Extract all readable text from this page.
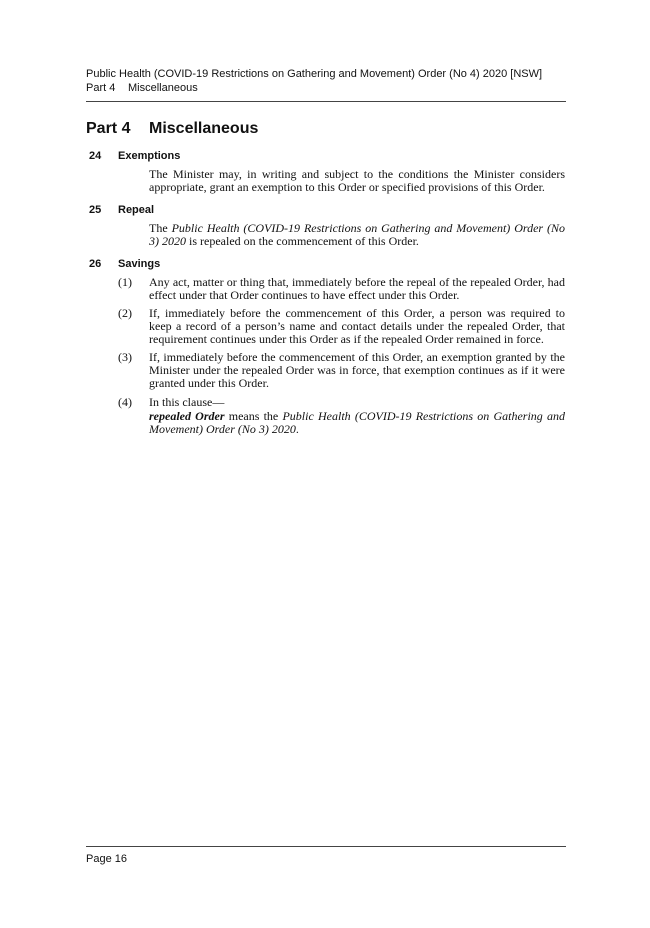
Public Health (COVID-19 Restrictions on Gathering and Movement) Order (No 4) 2020 [NSW]
Part 4	Miscellaneous
Part 4	Miscellaneous
24	Exemptions
The Minister may, in writing and subject to the conditions the Minister considers appropriate, grant an exemption to this Order or specified provisions of this Order.
25	Repeal
The Public Health (COVID-19 Restrictions on Gathering and Movement) Order (No 3) 2020 is repealed on the commencement of this Order.
26	Savings
(1)	Any act, matter or thing that, immediately before the repeal of the repealed Order, had effect under that Order continues to have effect under this Order.
(2)	If, immediately before the commencement of this Order, a person was required to keep a record of a person’s name and contact details under the repealed Order, that requirement continues under this Order as if the repealed Order remained in force.
(3)	If, immediately before the commencement of this Order, an exemption granted by the Minister under the repealed Order was in force, that exemption continues as if it were granted under this Order.
(4)	In this clause—
repealed Order means the Public Health (COVID-19 Restrictions on Gathering and Movement) Order (No 3) 2020.
Page 16
